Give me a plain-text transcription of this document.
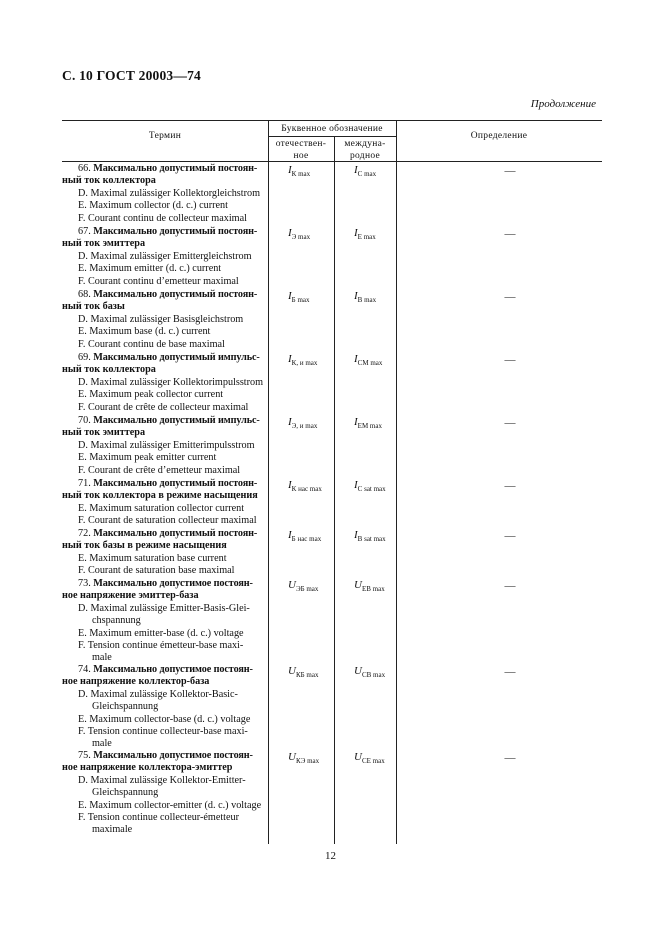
С. 10 ГОСТ 20003—74
Продолжение
Термин
Буквенное обозначение
отечествен-
ное
междуна-
родное
Определение
66. Максимально допустимый постоян-
ный ток коллектора
D. Maximal zulässiger Kollektorgleichstrom
E. Maximum collector (d. c.) current
F. Courant continu de collecteur maximal
$I_{К max}$	$I_{C max}$	—
67. Максимально допустимый постоян-
ный ток эмиттера
D. Maximal zulässiger Emittergleichstrom
E. Maximum emitter (d. c.) current
F. Courant continu d’emetteur maximal
$I_{Э max}$	$I_{E max}$	—
68. Максимально допустимый постоян-
ный ток базы
D. Maximal zulässiger Basisgleichstrom
E. Maximum base (d. c.) current
F. Courant continu de base maximal
$I_{Б max}$	$I_{B max}$	—
69. Максимально допустимый импульс-
ный ток коллектора
D. Maximal zulässiger Kollektorimpulsstrom
E. Maximum peak collector current
F. Courant de crête de collecteur maximal
$I_{К, и max}$	$I_{CM max}$	—
70. Максимально допустимый импульс-
ный ток эмиттера
D. Maximal zulässiger Emitterimpulsstrom
E. Maximum peak emitter current
F. Courant de crête d’emetteur maximal
$I_{Э, и max}$	$I_{EM max}$	—
71. Максимально допустимый постоян-
ный ток коллектора в режиме насыщения
E. Maximum saturation collector current
F. Courant de saturation collecteur maximal
$I_{К нас max}$	$I_{C sat max}$	—
72. Максимально допустимый постоян-
ный ток базы в режиме насыщения
E. Maximum saturation base current
F. Courant de saturation base maximal
$I_{Б нас max}$	$I_{B sat max}$	—
73. Максимально допустимое постоян-
ное напряжение эмиттер-база
D. Maximal zulässige Emitter-Basis-Glei-
chspannung
E. Maximum emitter-base (d. c.) voltage
F. Tension continue émetteur-base maxi-
male
$U_{ЭБ max}$	$U_{EB max}$	—
74. Максимально допустимое постоян-
ное напряжение коллектор-база
D. Maximal zulässige Kollektor-Basic-
Gleichspannung
E. Maximum collector-base (d. c.) voltage
F. Tension continue collecteur-base maxi-
male
$U_{КБ max}$	$U_{CB max}$	—
75. Максимально допустимое постоян-
ное напряжение коллектора-эмиттер
D. Maximal zulässige Kollektor-Emitter-
Gleichspannung
E. Maximum collector-emitter (d. c.) voltage
F. Tension continue collecteur-émetteur
maximale
$U_{КЭ max}$	$U_{CE max}$	—
12
